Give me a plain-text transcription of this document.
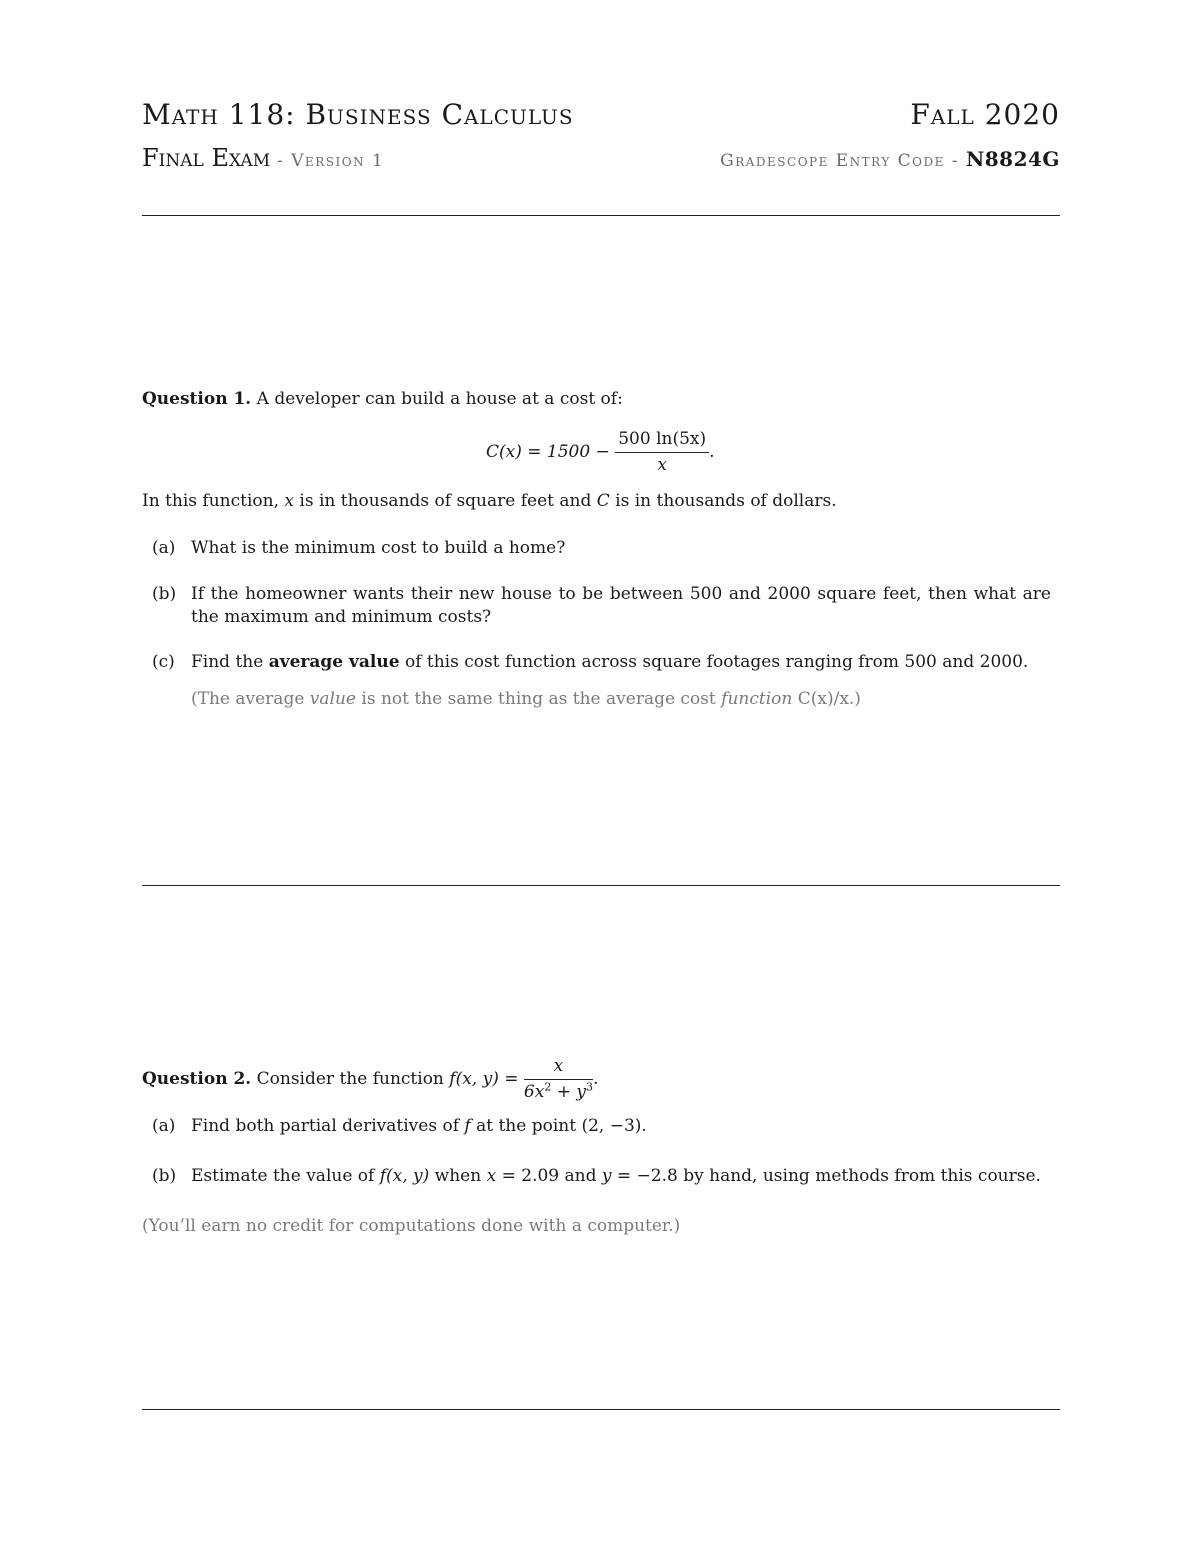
Math 118: Business Calculus	Fall 2020
Final Exam - Version 1	Gradescope Entry Code - N8824G
Question 1. A developer can build a house at a cost of:
$C(x) = 1500 - \frac{500 \ln(5x)}{x}$ .
In this function, x is in thousands of square feet and C is in thousands of dollars.
(a) What is the minimum cost to build a home?
(b) If the homeowner wants their new house to be between 500 and 2000 square feet, then what are the maximum and minimum costs?
(c) Find the average value of this cost function across square footages ranging from 500 and 2000.
(The average value is not the same thing as the average cost function C(x)/x.)
Question 2. Consider the function f(x, $y) = \frac{x}{6x^2 + y^3}$ .
(a) Find both partial derivatives of f at the point (2, −3).
(b) Estimate the value of f(x, y) when x = 2.09 and y = −2.8 by hand, using methods from this course.
(You’ll earn no credit for computations done with a computer.)
